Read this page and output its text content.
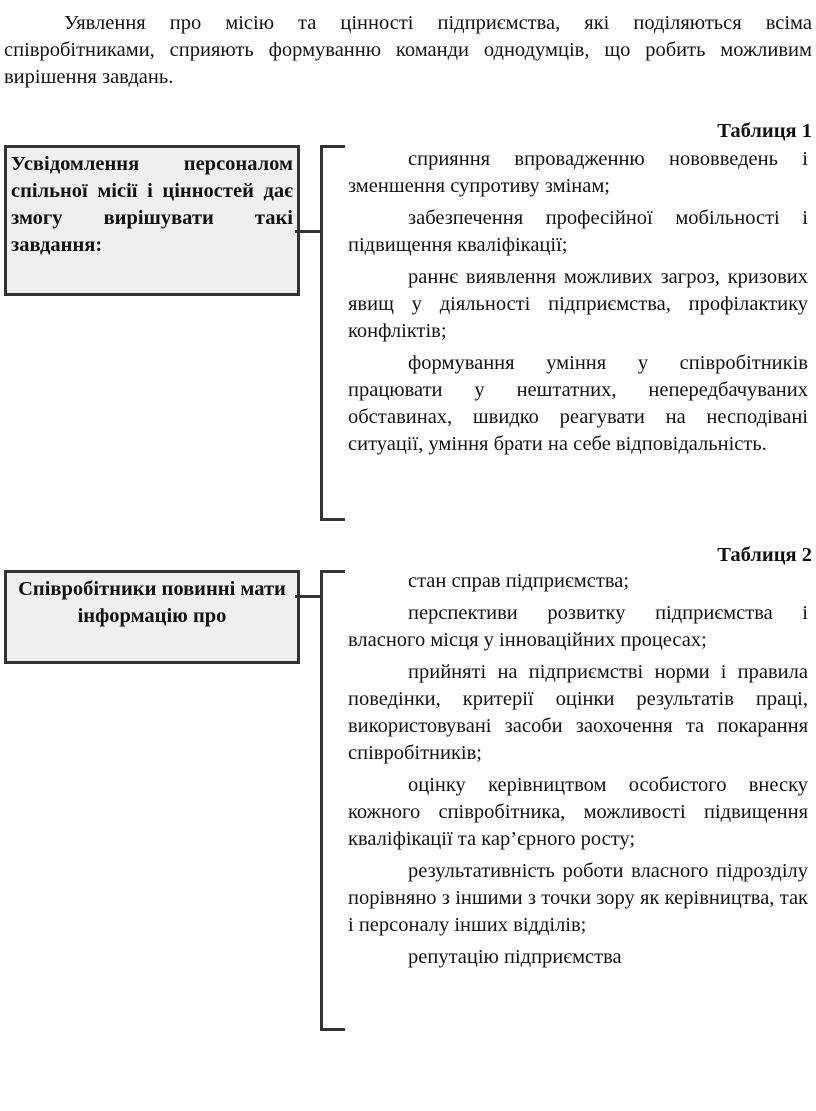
Уявлення про місію та цінності підприємства, які поділяються всіма співробітниками, сприяють формуванню команди однодумців, що робить можливим вирішення завдань.

Таблиця 1
Усвідомлення персоналом спільної місії і цінностей дає змогу вирішувати такі завдання:

сприяння впровадженню нововведень і зменшення супротиву змінам;

забезпечення професійної мобільності і підвищення кваліфікації;

раннє виявлення можливих загроз, кризових явищ у діяльності підприємства, профілактику конфліктів;

формування уміння у співробітників працювати у нештатних, непередбачуваних обставинах, швидко реагувати на несподівані ситуації, уміння брати на себе відповідальність.

Таблиця 2
Співробітники повинні мати інформацію про

стан справ підприємства;

перспективи розвитку підприємства і власного місця у інноваційних процесах;

прийняті на підприємстві норми і правила поведінки, критерії оцінки результатів праці, використовувані засоби заохочення та покарання співробітників;

оцінку керівництвом особистого внеску кожного співробітника, можливості підвищення кваліфікації та кар’єрного росту;

результативність роботи власного підрозділу порівняно з іншими з точки зору як керівництва, так і персоналу інших відділів;

репутацію підприємства
